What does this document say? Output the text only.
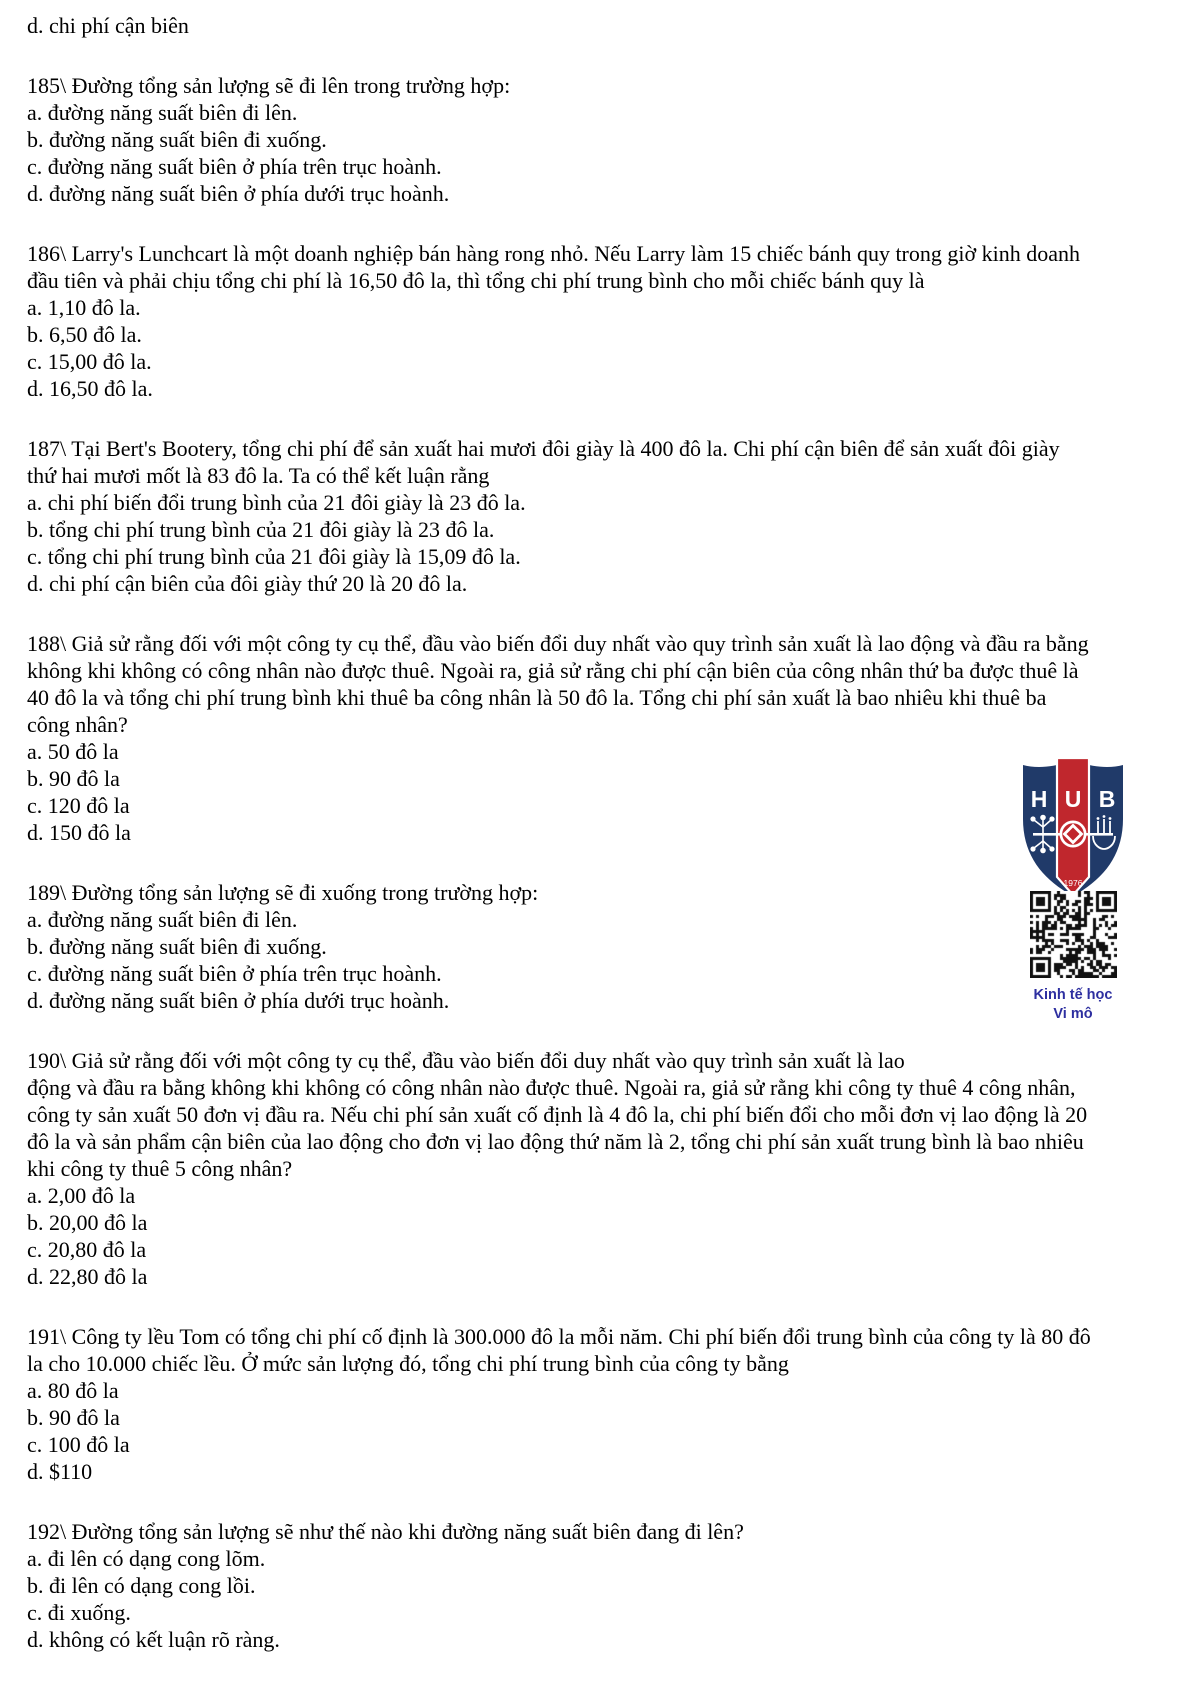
d. chi phí cận biên

185\ Đường tổng sản lượng sẽ đi lên trong trường hợp:

a. đường năng suất biên đi lên.

b. đường năng suất biên đi xuống.

c. đường năng suất biên ở phía trên trục hoành.

d. đường năng suất biên ở phía dưới trục hoành.

186\ Larry's Lunchcart là một doanh nghiệp bán hàng rong nhỏ. Nếu Larry làm 15 chiếc bánh quy trong giờ kinh doanh đầu tiên và phải chịu tổng chi phí là 16,50 đô la, thì tổng chi phí trung bình cho mỗi chiếc bánh quy là

a. 1,10 đô la.

b. 6,50 đô la.

c. 15,00 đô la.

d. 16,50 đô la.

187\ Tại Bert's Bootery, tổng chi phí để sản xuất hai mươi đôi giày là 400 đô la. Chi phí cận biên để sản xuất đôi giày thứ hai mươi mốt là 83 đô la. Ta có thể kết luận rằng

a. chi phí biến đổi trung bình của 21 đôi giày là 23 đô la.

b. tổng chi phí trung bình của 21 đôi giày là 23 đô la.

c. tổng chi phí trung bình của 21 đôi giày là 15,09 đô la.

d. chi phí cận biên của đôi giày thứ 20 là 20 đô la.

188\ Giả sử rằng đối với một công ty cụ thể, đầu vào biến đổi duy nhất vào quy trình sản xuất là lao động và đầu ra bằng không khi không có công nhân nào được thuê. Ngoài ra, giả sử rằng chi phí cận biên của công nhân thứ ba được thuê là 40 đô la và tổng chi phí trung bình khi thuê ba công nhân là 50 đô la. Tổng chi phí sản xuất là bao nhiêu khi thuê ba công nhân?

a. 50 đô la

b. 90 đô la

c. 120 đô la

d. 150 đô la

189\ Đường tổng sản lượng sẽ đi xuống trong trường hợp:

a. đường năng suất biên đi lên.

b. đường năng suất biên đi xuống.

c. đường năng suất biên ở phía trên trục hoành.

d. đường năng suất biên ở phía dưới trục hoành.

190\ Giả sử rằng đối với một công ty cụ thể, đầu vào biến đổi duy nhất vào quy trình sản xuất là lao
động và đầu ra bằng không khi không có công nhân nào được thuê. Ngoài ra, giả sử rằng khi công ty thuê 4 công nhân, công ty sản xuất 50 đơn vị đầu ra. Nếu chi phí sản xuất cố định là 4 đô la, chi phí biến đổi cho mỗi đơn vị lao động là 20 đô la và sản phẩm cận biên của lao động cho đơn vị lao động thứ năm là 2, tổng chi phí sản xuất trung bình là bao nhiêu khi công ty thuê 5 công nhân?

a. 2,00 đô la

b. 20,00 đô la

c. 20,80 đô la

d. 22,80 đô la

191\ Công ty lều Tom có tổng chi phí cố định là 300.000 đô la mỗi năm. Chi phí biến đổi trung bình của công ty là 80 đô la cho 10.000 chiếc lều. Ở mức sản lượng đó, tổng chi phí trung bình của công ty bằng

a. 80 đô la

b. 90 đô la

c. 100 đô la

d. $110

192\ Đường tổng sản lượng sẽ như thế nào khi đường năng suất biên đang đi lên?

a. đi lên có dạng cong lõm.

b. đi lên có dạng cong lồi.

c. đi xuống.

d. không có kết luận rõ ràng.

H U B
1976
Kinh tế học
Vi mô
